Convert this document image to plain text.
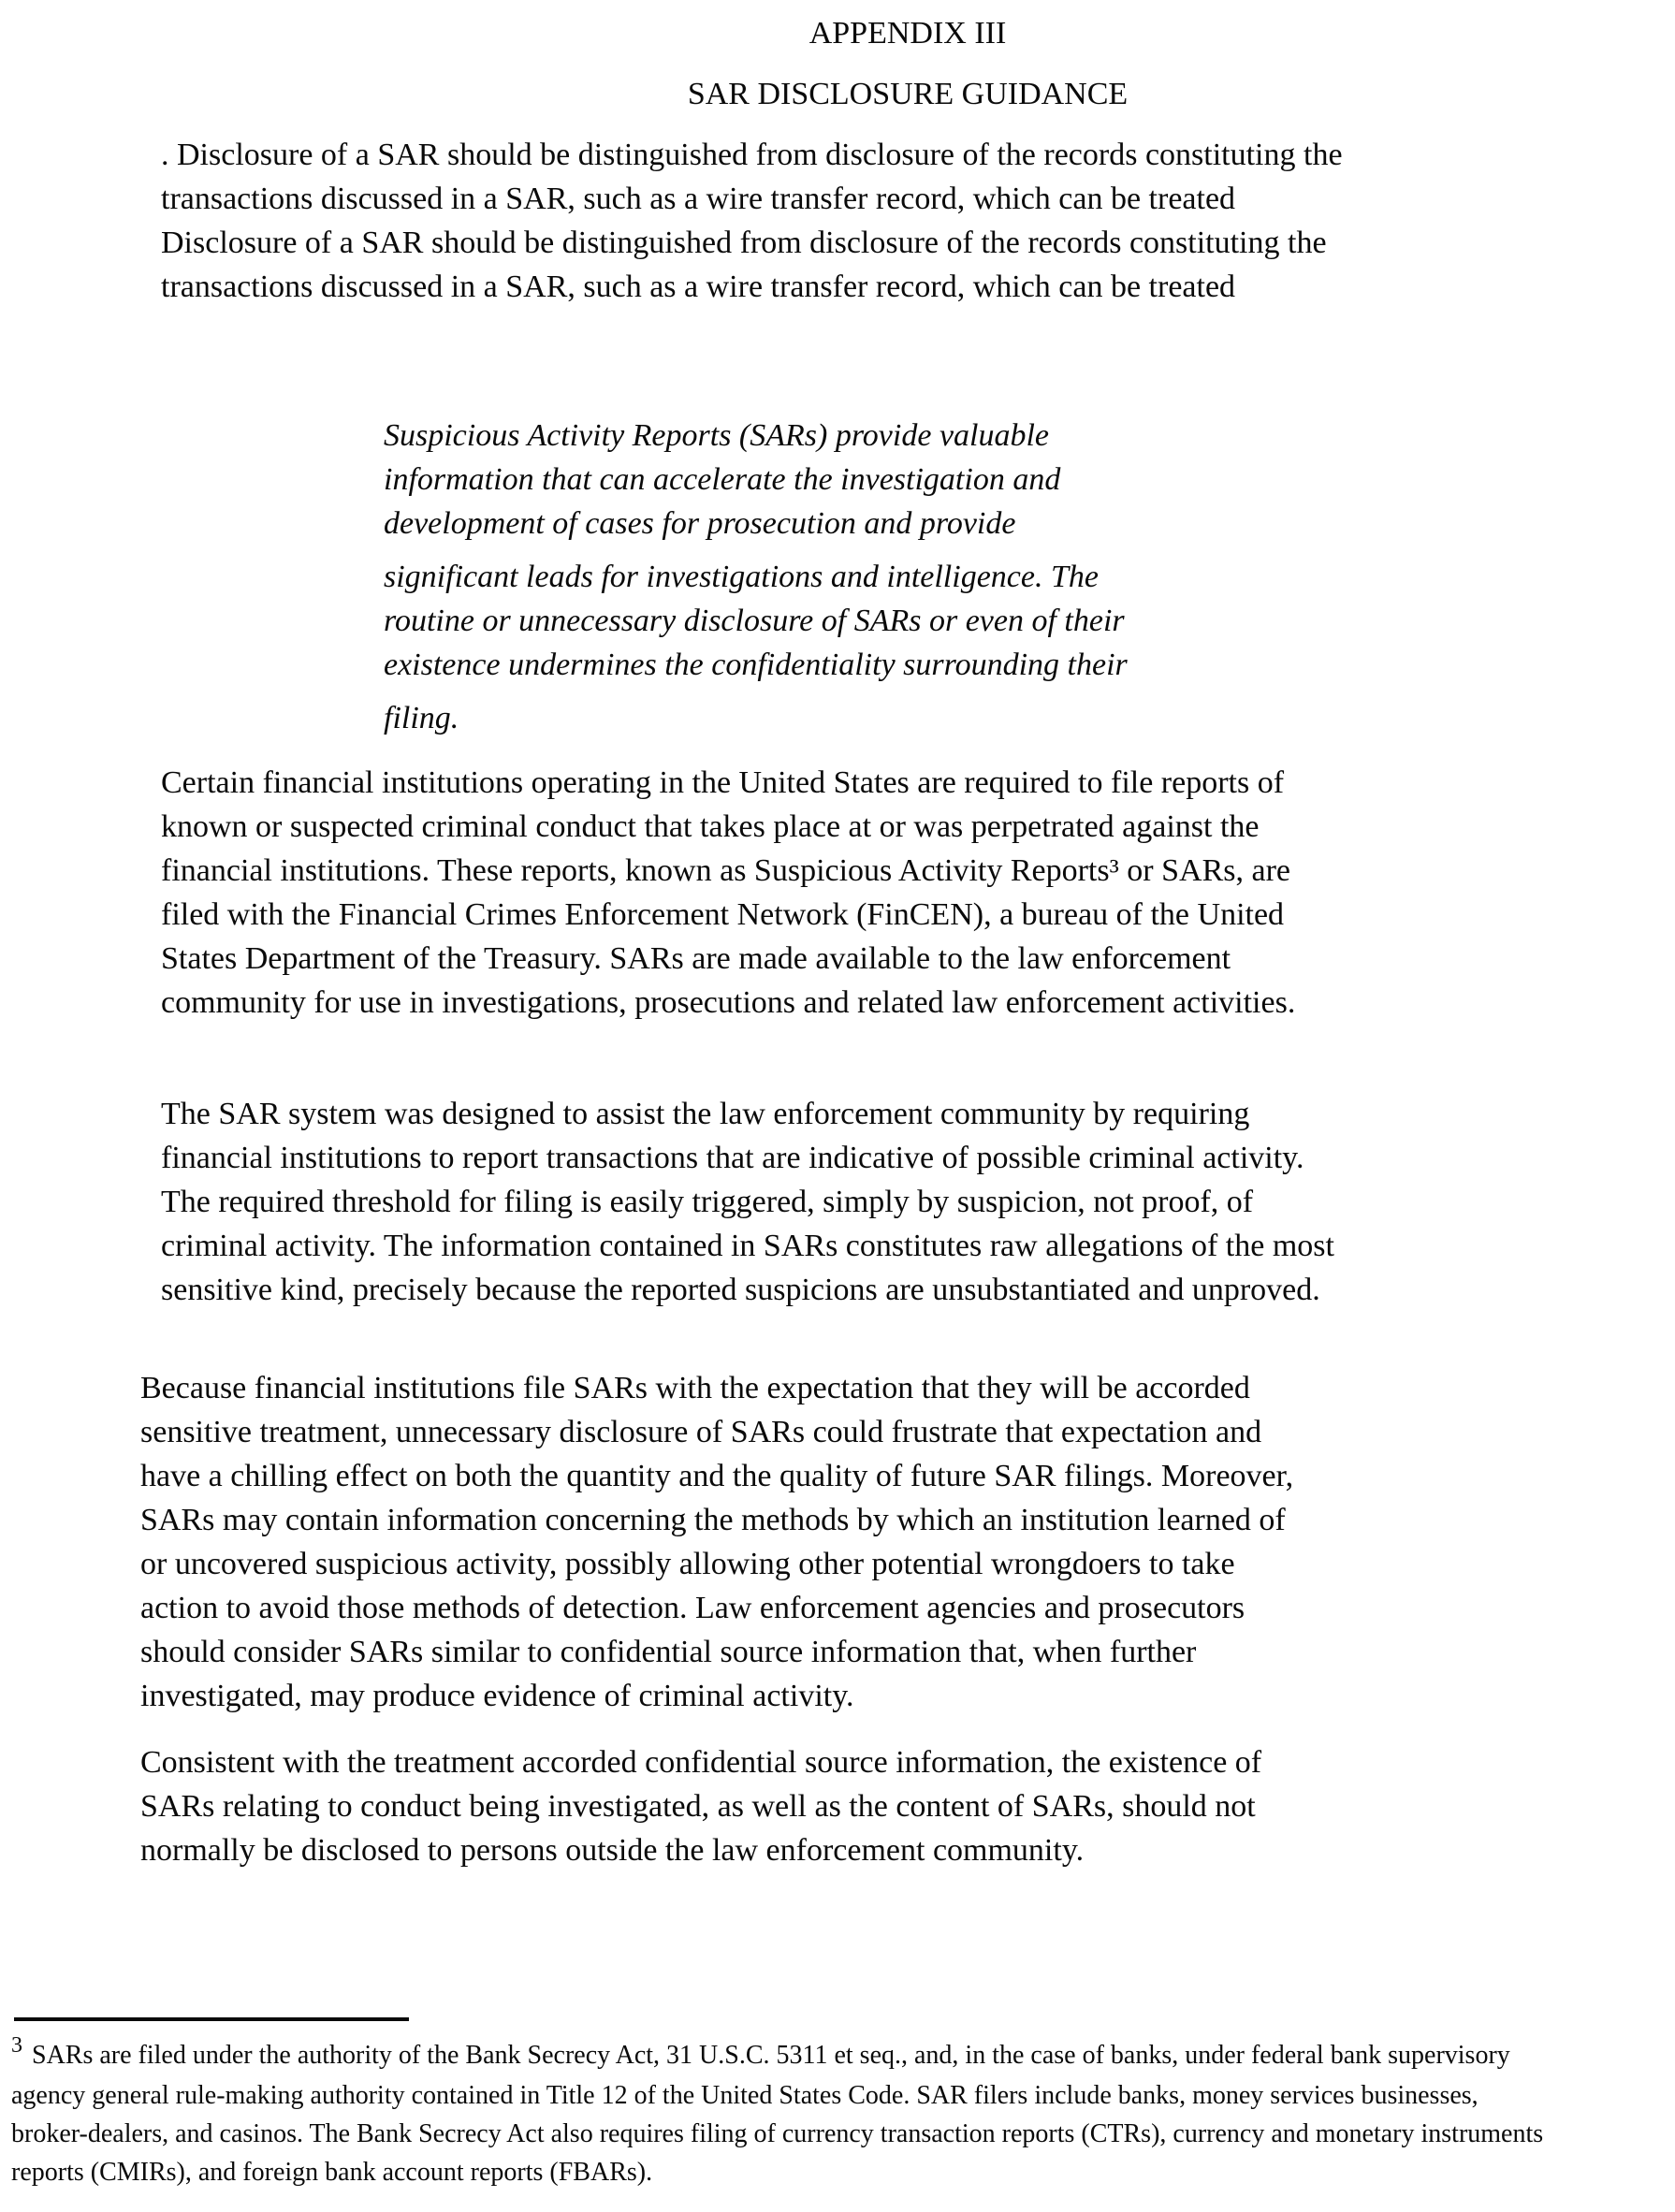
APPENDIX III
SAR DISCLOSURE GUIDANCE
. Disclosure of a SAR should be distinguished from disclosure of the records constituting the
transactions discussed in a SAR, such as a wire transfer record, which can be treated
Disclosure of a SAR should be distinguished from disclosure of the records constituting the
transactions discussed in a SAR, such as a wire transfer record, which can be treated
Suspicious Activity Reports (SARs) provide valuable
information that can accelerate the investigation and
development of cases for prosecution and provide
significant leads for investigations and intelligence. The
routine or unnecessary disclosure of SARs or even of their
existence undermines the confidentiality surrounding their
filing.
Certain financial institutions operating in the United States are required to file reports of
known or suspected criminal conduct that takes place at or was perpetrated against the
financial institutions. These reports, known as Suspicious Activity Reports³ or SARs, are
filed with the Financial Crimes Enforcement Network (FinCEN), a bureau of the United
States Department of the Treasury. SARs are made available to the law enforcement
community for use in investigations, prosecutions and related law enforcement activities.
The SAR system was designed to assist the law enforcement community by requiring
financial institutions to report transactions that are indicative of possible criminal activity.
The required threshold for filing is easily triggered, simply by suspicion, not proof, of
criminal activity. The information contained in SARs constitutes raw allegations of the most
sensitive kind, precisely because the reported suspicions are unsubstantiated and unproved.
Because financial institutions file SARs with the expectation that they will be accorded
sensitive treatment, unnecessary disclosure of SARs could frustrate that expectation and
have a chilling effect on both the quantity and the quality of future SAR filings. Moreover,
SARs may contain information concerning the methods by which an institution learned of
or uncovered suspicious activity, possibly allowing other potential wrongdoers to take
action to avoid those methods of detection. Law enforcement agencies and prosecutors
should consider SARs similar to confidential source information that, when further
investigated, may produce evidence of criminal activity.
Consistent with the treatment accorded confidential source information, the existence of
SARs relating to conduct being investigated, as well as the content of SARs, should not
normally be disclosed to persons outside the law enforcement community.
3 SARs are filed under the authority of the Bank Secrecy Act, 31 U.S.C. 5311 et seq., and, in the case of banks, under federal bank supervisory
agency general rule-making authority contained in Title 12 of the United States Code. SAR filers include banks, money services businesses,
broker-dealers, and casinos. The Bank Secrecy Act also requires filing of currency transaction reports (CTRs), currency and monetary instruments
reports (CMIRs), and foreign bank account reports (FBARs).
